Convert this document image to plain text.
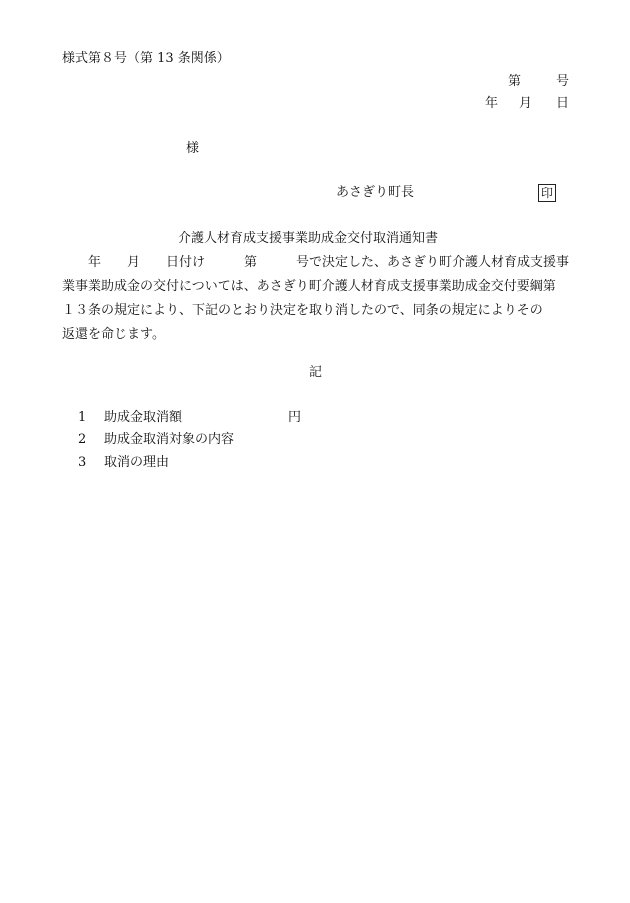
様式第８号（第 13 条関係）
第	号
年 月 日
様
あさぎり町長	印
介護人材育成支援事業助成金交付取消通知書
　　年　　月　　日付け　　　第　　　号で決定した、あさぎり町介護人材育成支援事
業事業助成金の交付については、あさぎり町介護人材育成支援事業助成金交付要綱第
１３条の規定により、下記のとおり決定を取り消したので、同条の規定によりその
返還を命じます。
記
1 助成金取消額	円
2 助成金取消対象の内容
3 取消の理由
